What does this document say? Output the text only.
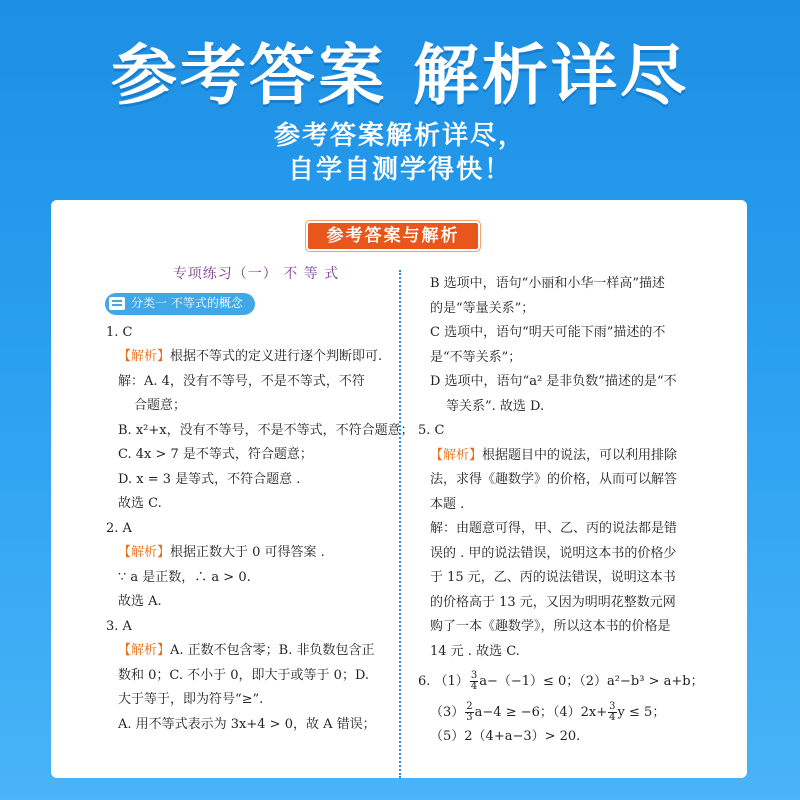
参考答案 解析详尽
参考答案解析详尽，
自学自测学得快！
参考答案与解析
专项练习（一） 不 等 式
分类一 不等式的概念
1. C
【解析】根据不等式的定义进行逐个判断即可.
解：A. 4，没有不等号，不是不等式，不符
合题意；
B. x²+x，没有不等号，不是不等式，不符合题意；
C. 4x > 7 是不等式，符合题意；
D. x = 3 是等式，不符合题意 .
故选 C.
2. A
【解析】根据正数大于 0 可得答案 .
∵ a 是正数，∴ a > 0.
故选 A.
3. A
【解析】A. 正数不包含零；B. 非负数包含正
数和 0；C. 不小于 0，即大于或等于 0；D.
大于等于，即为符号“≥”.
A. 用不等式表示为 3x+4 > 0，故 A 错误；
B 选项中，语句“小丽和小华一样高”描述
的是“等量关系”；
C 选项中，语句“明天可能下雨”描述的不
是“不等关系”；
D 选项中，语句“a² 是非负数”描述的是“不
等关系”. 故选 D.
5. C
【解析】根据题目中的说法，可以利用排除
法，求得《趣数学》的价格，从而可以解答
本题 .
解：由题意可得，甲、乙、丙的说法都是错
误的 . 甲的说法错误，说明这本书的价格少
于 15 元，乙、丙的说法错误，说明这本书
的价格高于 13 元，又因为明明花整数元网
购了一本《趣数学》，所以这本书的价格是
14 元 . 故选 C.
6. $(1) \frac{3}{4} a-(-1)\le 0$；（2）a²−b³ > a+b；
$(3) \frac{2}{3} a-4 \ge -6$；$(4)2x+ \frac{3}{4}$ y ≤ 5；
（5）2（4+a−3）> 20.
